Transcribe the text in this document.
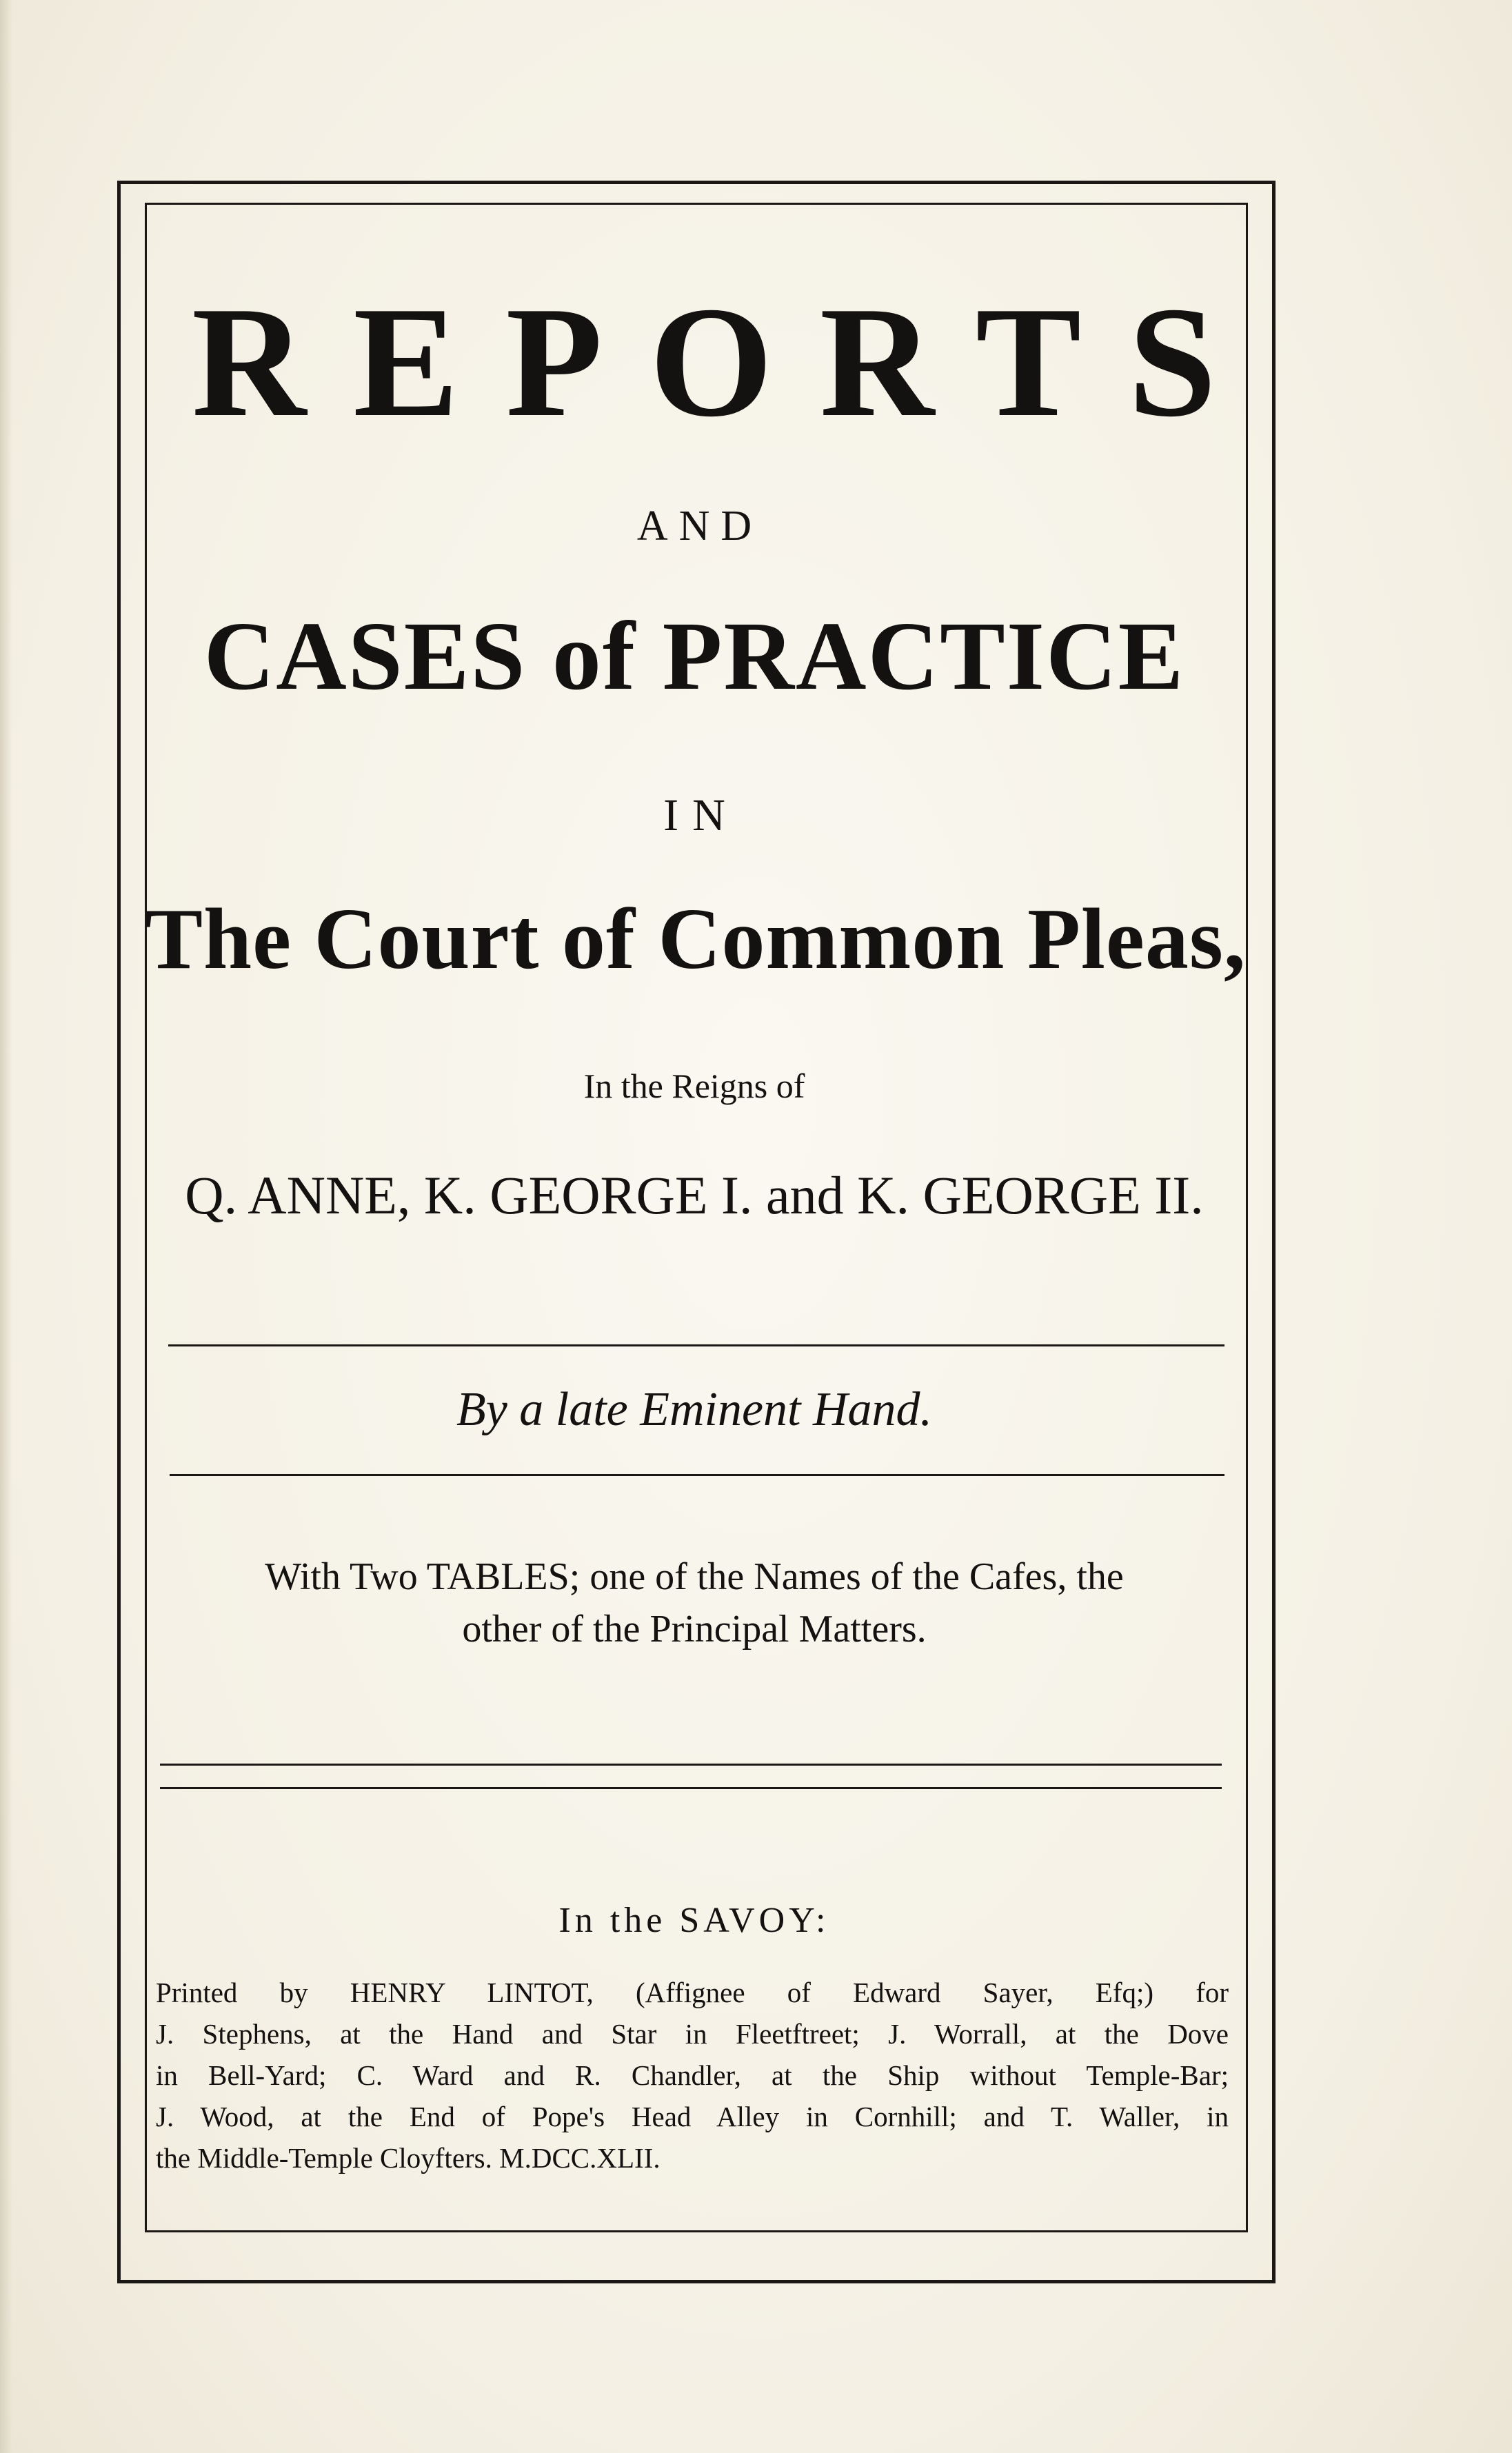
REPORTS

AND

CASES of PRACTICE

IN

The Court of Common Pleas,

In the Reigns of

Q. ANNE, K. GEORGE I. and K. GEORGE II.

By a late Eminent Hand.

With Two TABLES; one of the Names of the Cafes, the
other of the Principal Matters.

In the SAVOY:

Printed by HENRY LINTOT, (Affignee of Edward Sayer, Efq;) for
J. Stephens, at the Hand and Star in Fleetftreet; J. Worrall, at the Dove
in Bell-Yard; C. Ward and R. Chandler, at the Ship without Temple-Bar;
J. Wood, at the End of Pope's Head Alley in Cornhill; and T. Waller, in
the Middle-Temple Cloyfters. M.DCC.XLII.
